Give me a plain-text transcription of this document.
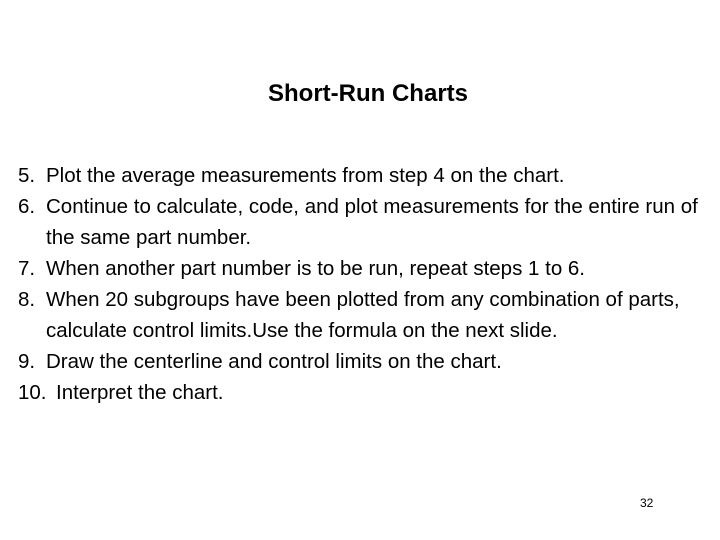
Short-Run Charts
5. Plot the average measurements from step 4 on the chart.
6. Continue to calculate, code, and plot measurements for the entire run of the same part number.
7. When another part number is to be run, repeat steps 1 to 6.
8. When 20 subgroups have been plotted from any combination of parts, calculate control limits.Use the formula on the next slide.
9. Draw the centerline and control limits on the chart.
10. Interpret the chart.
32
